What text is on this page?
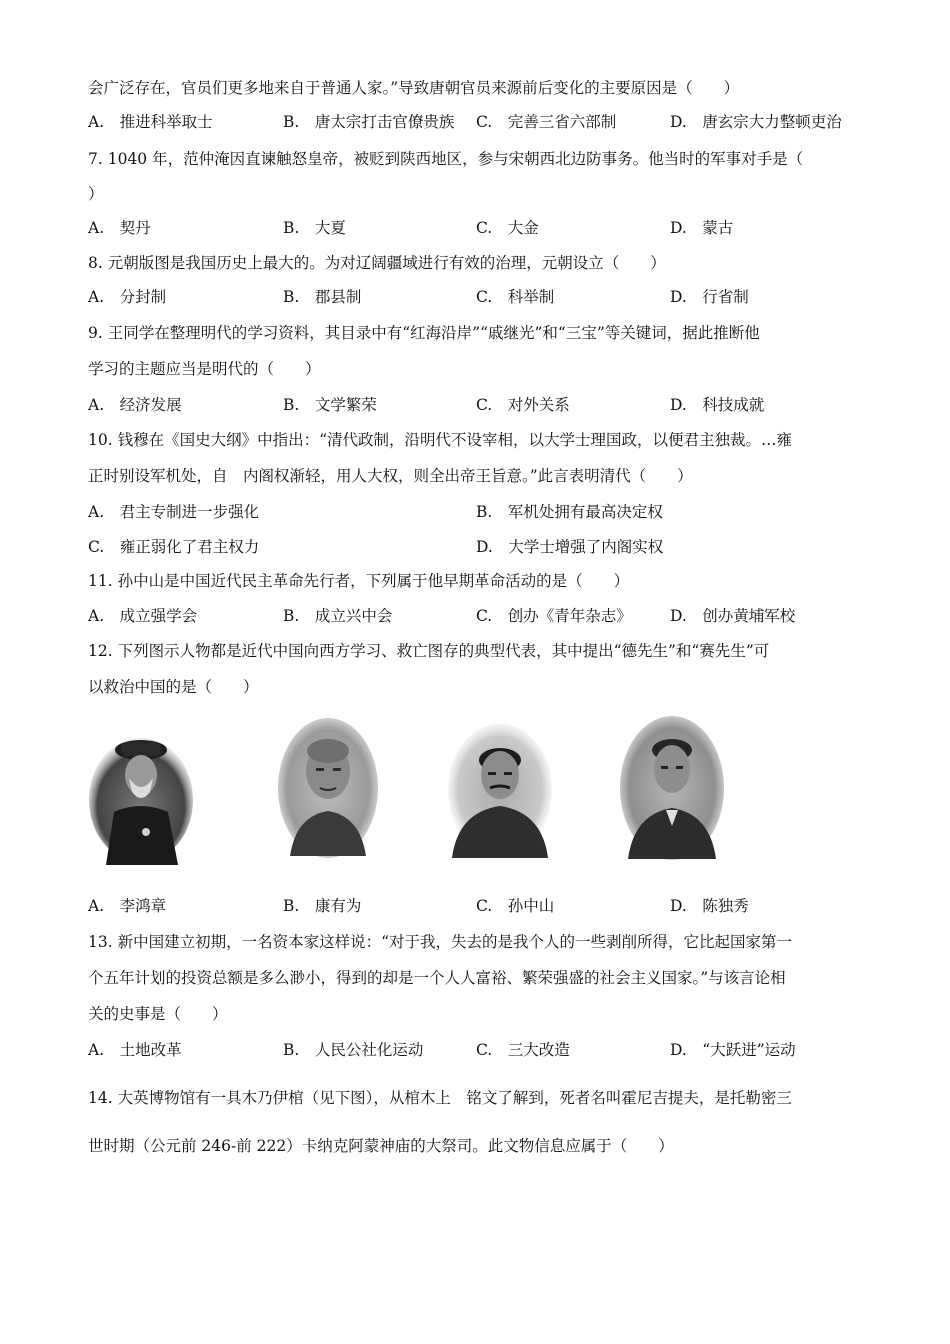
会广泛存在，官员们更多地来自于普通人家。”导致唐朝官员来源前后变化的主要原因是（　　）
A.　推进科举取士	B.　唐太宗打击官僚贵族 C.　完善三省六部制	D.　唐玄宗大力整顿吏治
7. 1040 年，范仲淹因直谏触怒皇帝，被贬到陕西地区，参与宋朝西北边防事务。他当时的军事对手是（
）
A.　契丹	B.　大夏	C.　大金	D.　蒙古
8. 元朝版图是我国历史上最大的。为对辽阔疆域进行有效的治理，元朝设立（　　）
A.　分封制	B.　郡县制	C.　科举制	D.　行省制
9. 王同学在整理明代的学习资料，其目录中有“红海沿岸”“戚继光”和“三宝”等关键词，据此推断他
学习的主题应当是明代的（　　）
A.　经济发展	B.　文学繁荣	C.　对外关系	D.　科技成就
10. 钱穆在《国史大纲》中指出：“清代政制，沿明代不设宰相，以大学士理国政，以便君主独裁。…雍
正时别设军机处，自　内阁权渐轻，用人大权，则全出帝王旨意。”此言表明清代（　　）
A.　君主专制进一步强化	B.　军机处拥有最高决定权
C.　雍正弱化了君主权力	D.　大学士增强了内阁实权
11. 孙中山是中国近代民主革命先行者，下列属于他早期革命活动的是（　　）
A.　成立强学会	B.　成立兴中会	C.　创办《青年杂志》 D.　创办黄埔军校
12. 下列图示人物都是近代中国向西方学习、救亡图存的典型代表，其中提出“德先生”和“赛先生”可
以救治中国的是（　　）
A.　李鸿章	B.　康有为	C.　孙中山	D.　陈独秀
13. 新中国建立初期，一名资本家这样说：“对于我，失去的是我个人的一些剥削所得，它比起国家第一
个五年计划的投资总额是多么渺小，得到的却是一个人人富裕、繁荣强盛的社会主义国家。”与该言论相
关的史事是（　　）
A.　土地改革	B.　人民公社化运动	C.　三大改造	D.　“大跃进”运动
14. 大英博物馆有一具木乃伊棺（见下图），从棺木上　铭文了解到，死者名叫霍尼吉提夫，是托勒密三
世时期（公元前 246-前 222）卡纳克阿蒙神庙的大祭司。此文物信息应属于（　　）
